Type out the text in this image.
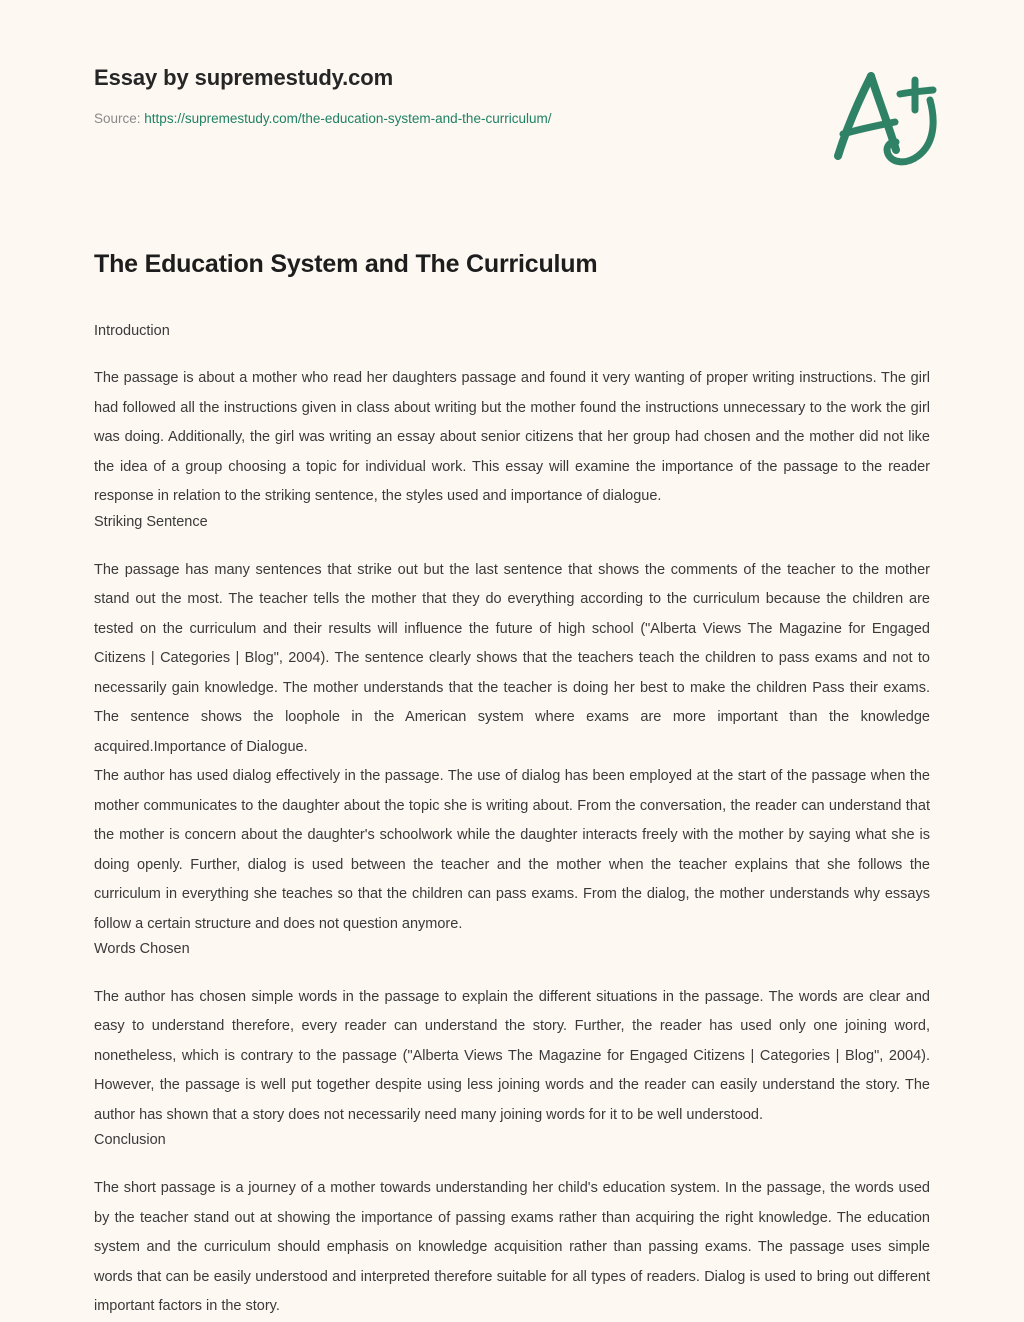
Essay by supremestudy.com
Source: https://supremestudy.com/the-education-system-and-the-curriculum/
The Education System and The Curriculum

Introduction

The passage is about a mother who read her daughters passage and found it very wanting of proper writing instructions. The girl had followed all the instructions given in class about writing but the mother found the instructions unnecessary to the work the girl was doing. Additionally, the girl was writing an essay about senior citizens that her group had chosen and the mother did not like the idea of a group choosing a topic for individual work. This essay will examine the importance of the passage to the reader response in relation to the striking sentence, the styles used and importance of dialogue.

Striking Sentence

The passage has many sentences that strike out but the last sentence that shows the comments of the teacher to the mother stand out the most. The teacher tells the mother that they do everything according to the curriculum because the children are tested on the curriculum and their results will influence the future of high school ("Alberta Views The Magazine for Engaged Citizens | Categories | Blog", 2004). The sentence clearly shows that the teachers teach the children to pass exams and not to necessarily gain knowledge. The mother understands that the teacher is doing her best to make the children Pass their exams. The sentence shows the loophole in the American system where exams are more important than the knowledge acquired.Importance of Dialogue.

The author has used dialog effectively in the passage. The use of dialog has been employed at the start of the passage when the mother communicates to the daughter about the topic she is writing about. From the conversation, the reader can understand that the mother is concern about the daughter's schoolwork while the daughter interacts freely with the mother by saying what she is doing openly. Further, dialog is used between the teacher and the mother when the teacher explains that she follows the curriculum in everything she teaches so that the children can pass exams. From the dialog, the mother understands why essays follow a certain structure and does not question anymore.

Words Chosen

The author has chosen simple words in the passage to explain the different situations in the passage. The words are clear and easy to understand therefore, every reader can understand the story. Further, the reader has used only one joining word, nonetheless, which is contrary to the passage ("Alberta Views The Magazine for Engaged Citizens | Categories | Blog", 2004). However, the passage is well put together despite using less joining words and the reader can easily understand the story. The author has shown that a story does not necessarily need many joining words for it to be well understood.

Conclusion

The short passage is a journey of a mother towards understanding her child's education system. In the passage, the words used by the teacher stand out at showing the importance of passing exams rather than acquiring the right knowledge. The education system and the curriculum should emphasis on knowledge acquisition rather than passing exams. The passage uses simple words that can be easily understood and interpreted therefore suitable for all types of readers. Dialog is used to bring out different important factors in the story.
